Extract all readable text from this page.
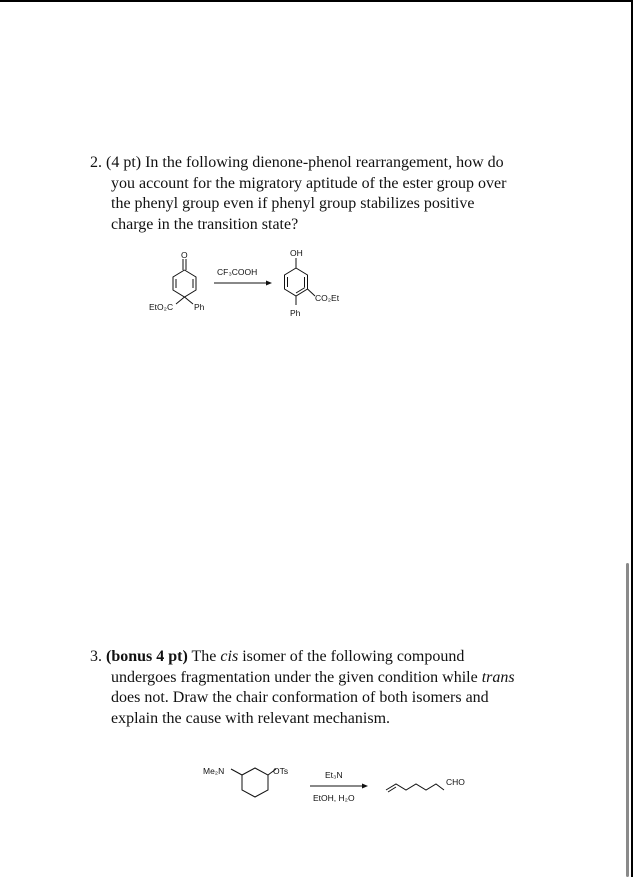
2. (4 pt) In the following dienone-phenol rearrangement, how do
you account for the migratory aptitude of the ester group over
the phenyl group even if phenyl group stabilizes positive
charge in the transition state?
O
EtO₂C Ph
CF₃COOH
OH
CO₂Et
Ph
3. (bonus 4 pt) The cis isomer of the following compound
undergoes fragmentation under the given condition while trans
does not. Draw the chair conformation of both isomers and
explain the cause with relevant mechanism.
Me₂N	OTs	Et₃N
EtOH, H₂O
CHO
